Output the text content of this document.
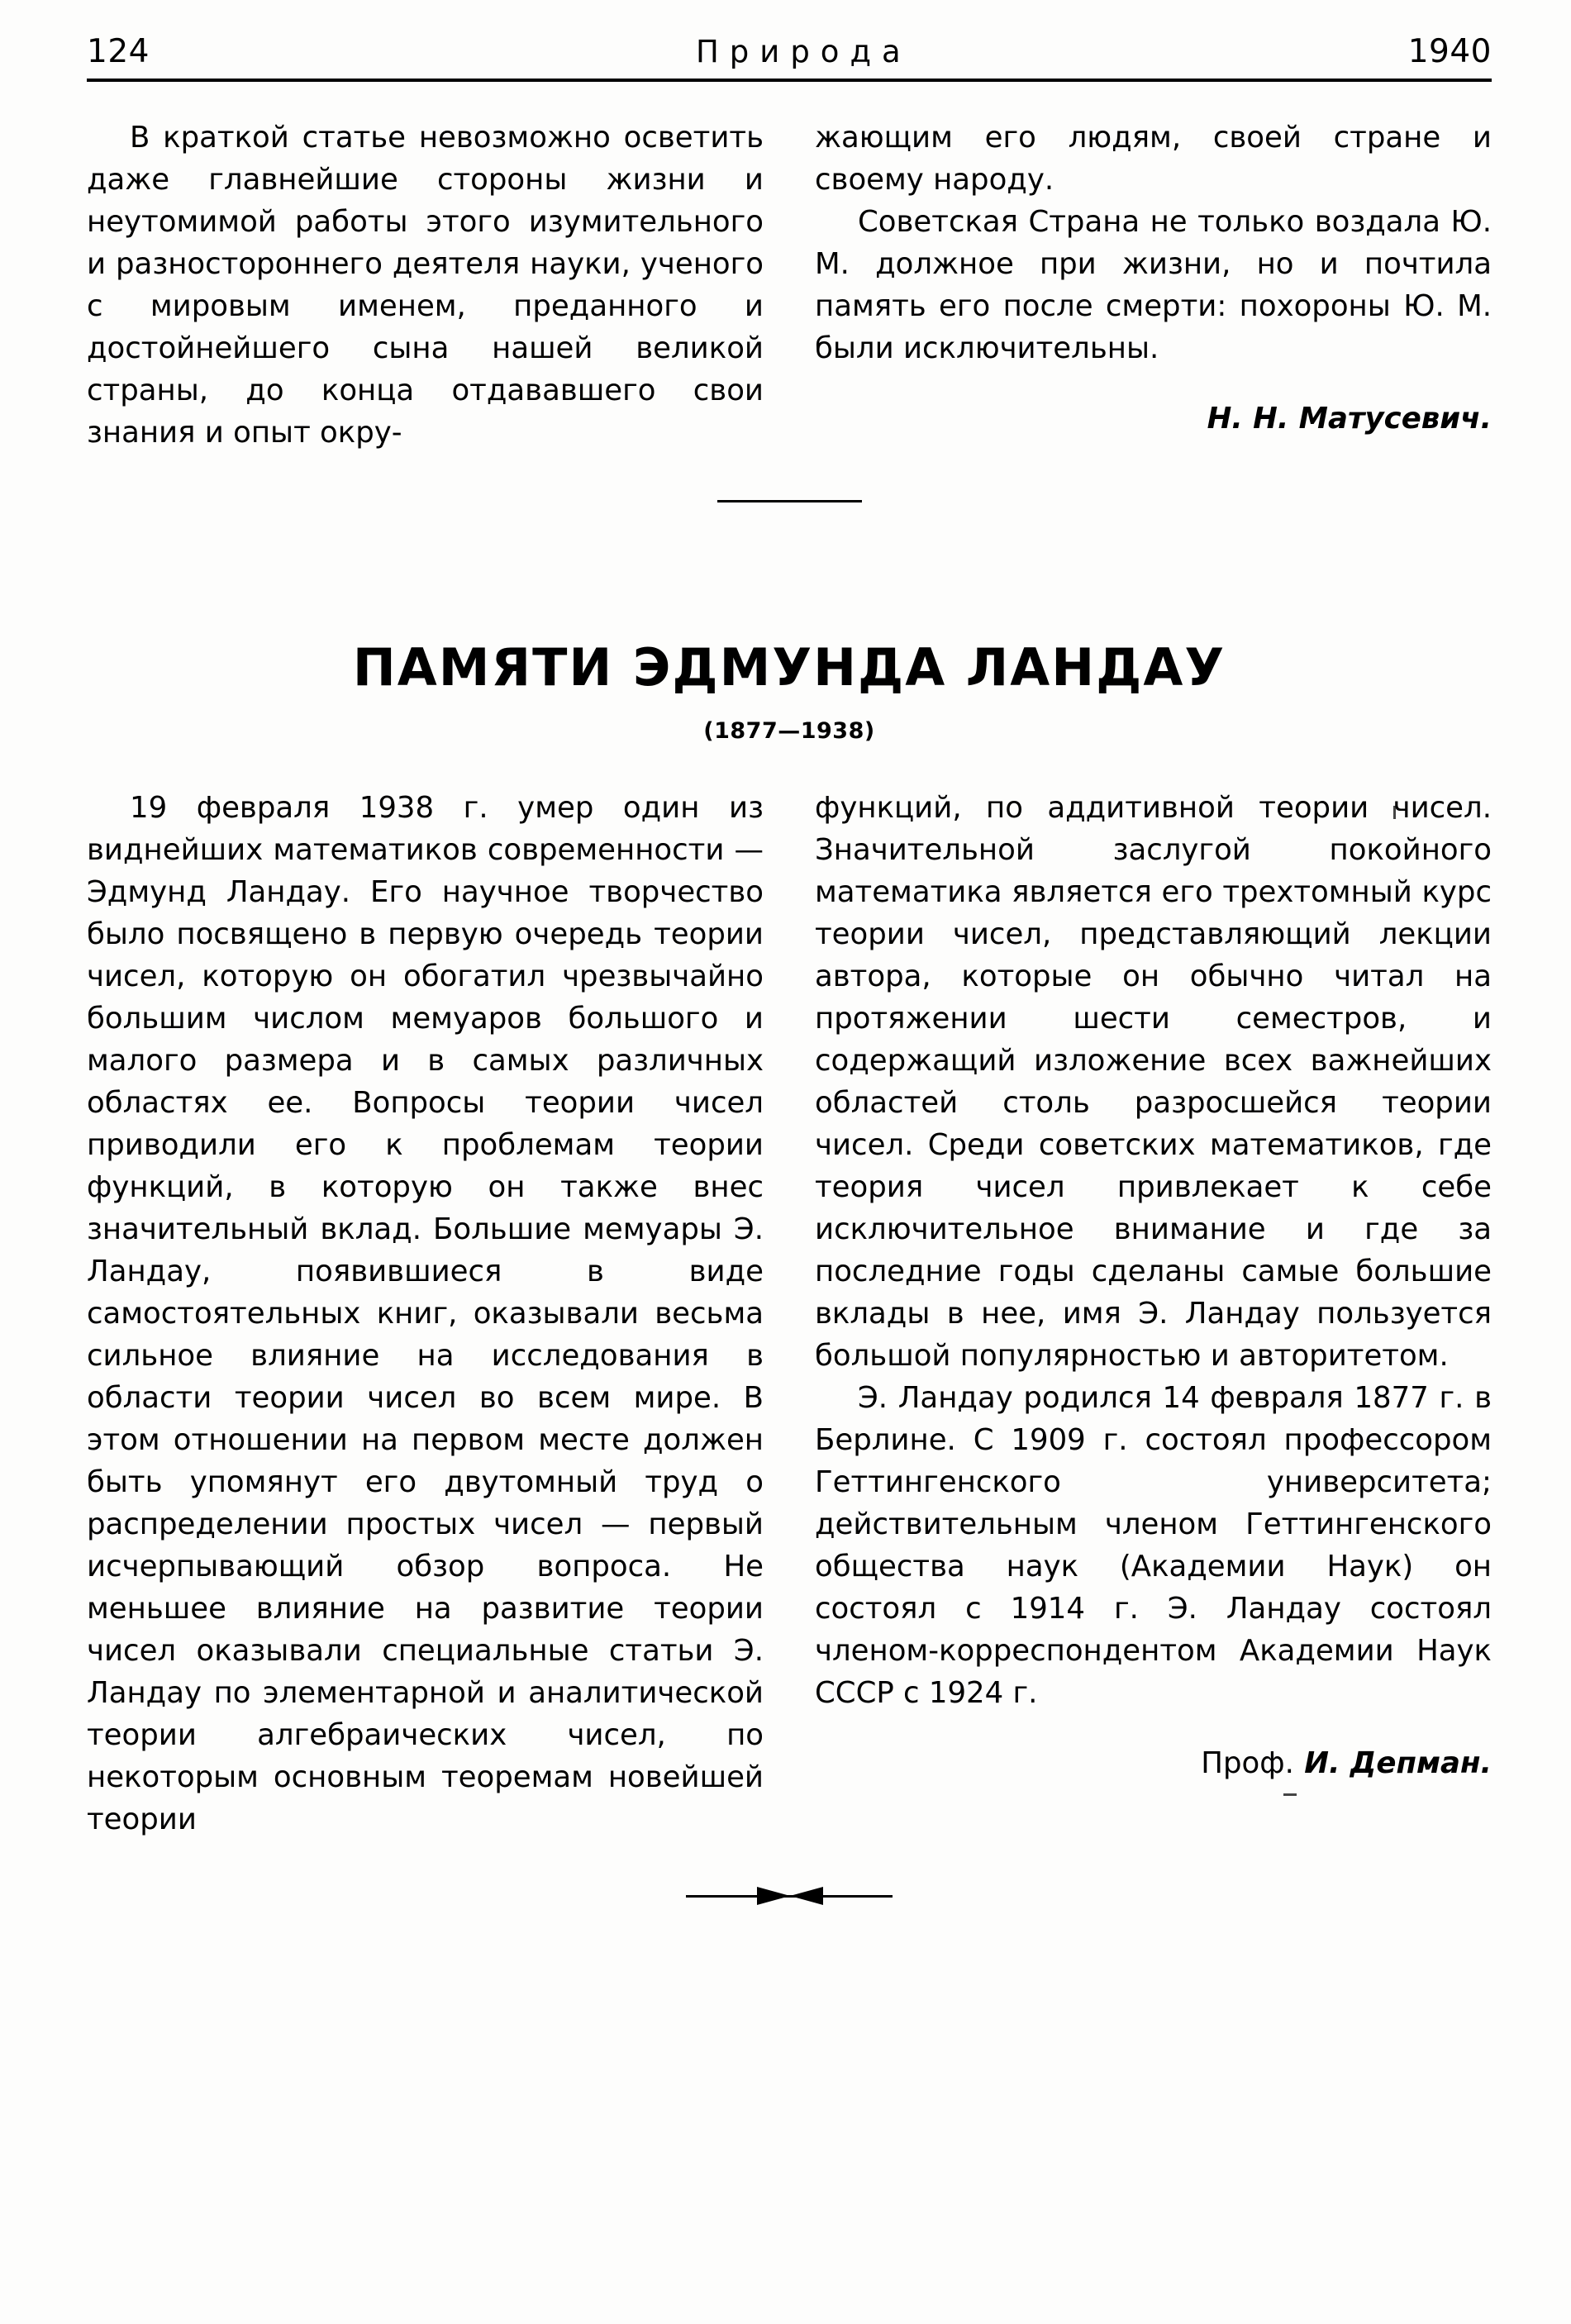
124	Природа	1940

В краткой статье невозможно осветить даже главнейшие стороны жизни и неутомимой работы этого изумительного и разностороннего деятеля науки, ученого с мировым именем, преданного и достойнейшего сына нашей великой страны, до конца отдававшего свои знания и опыт окру-

жающим его людям, своей стране и своему народу.

Советская Страна не только воздала Ю. М. должное при жизни, но и почтила память его после смерти: похороны Ю. М. были исключительны.

Н. Н. Матусевич.
ПАМЯТИ ЭДМУНДА ЛАНДАУ
(1877—1938)

19 февраля 1938 г. умер один из виднейших математиков современности — Эдмунд Ландау. Его научное творчество было посвящено в первую очередь теории чисел, которую он обогатил чрезвычайно большим числом мемуаров большого и малого размера и в самых различных областях ее. Вопросы теории чисел приводили его к проблемам теории функций, в которую он также внес значительный вклад. Большие мемуары Э. Ландау, появившиеся в виде самостоятельных книг, оказывали весьма сильное влияние на исследования в области теории чисел во всем мире. В этом отношении на первом месте должен быть упомянут его двутомный труд о распределении простых чисел — первый исчерпывающий обзор вопроса. Не меньшее влияние на развитие теории чисел оказывали специальные статьи Э. Ландау по элементарной и аналитической теории алгебраических чисел, по некоторым основным теоремам новейшей теории

функций, по аддитивной теории чисел. Значительной заслугой покойного математика является его трехтомный курс теории чисел, представляющий лекции автора, которые он обычно читал на протяжении шести семестров, и содержащий изложение всех важнейших областей столь разросшейся теории чисел. Среди советских математиков, где теория чисел привлекает к себе исключительное внимание и где за последние годы сделаны самые большие вклады в нее, имя Э. Ландау пользуется большой популярностью и авторитетом.

Э. Ландау родился 14 февраля 1877 г. в Берлине. С 1909 г. состоял профессором Геттингенского университета; действительным членом Геттингенского общества наук (Академии Наук) он состоял с 1914 г. Э. Ландау состоял членом-корреспондентом Академии Наук СССР с 1924 г.

Проф. И. Депман.
